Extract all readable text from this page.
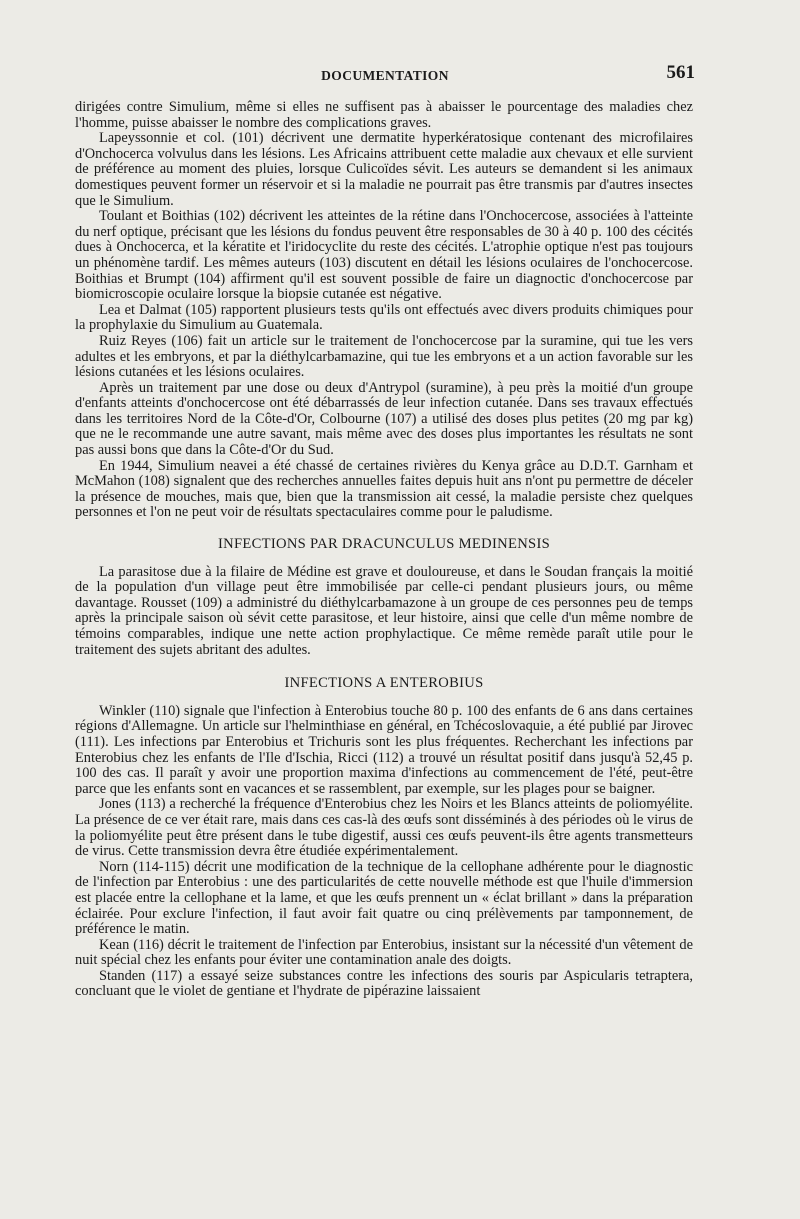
DOCUMENTATION	561

dirigées contre Simulium, même si elles ne suffisent pas à abaisser le pourcentage des maladies chez l'homme, puisse abaisser le nombre des complications graves.

Lapeyssonnie et col. (101) décrivent une dermatite hyperkératosique contenant des microfilaires d'Onchocerca volvulus dans les lésions. Les Africains attribuent cette maladie aux chevaux et elle survient de préférence au moment des pluies, lorsque Culicoïdes sévit. Les auteurs se demandent si les animaux domestiques peuvent former un réservoir et si la maladie ne pourrait pas être transmis par d'autres insectes que le Simulium.

Toulant et Boithias (102) décrivent les atteintes de la rétine dans l'Onchocercose, associées à l'atteinte du nerf optique, précisant que les lésions du fondus peuvent être responsables de 30 à 40 p. 100 des cécités dues à Onchocerca, et la kératite et l'iridocyclite du reste des cécités. L'atrophie optique n'est pas toujours un phénomène tardif. Les mêmes auteurs (103) discutent en détail les lésions oculaires de l'onchocercose. Boithias et Brumpt (104) affirment qu'il est souvent possible de faire un diagnoctic d'onchocercose par biomicroscopie oculaire lorsque la biopsie cutanée est négative.

Lea et Dalmat (105) rapportent plusieurs tests qu'ils ont effectués avec divers produits chimiques pour la prophylaxie du Simulium au Guatemala.

Ruiz Reyes (106) fait un article sur le traitement de l'onchocercose par la suramine, qui tue les vers adultes et les embryons, et par la diéthylcarbamazine, qui tue les embryons et a un action favorable sur les lésions cutanées et les lésions oculaires.

Après un traitement par une dose ou deux d'Antrypol (suramine), à peu près la moitié d'un groupe d'enfants atteints d'onchocercose ont été débarrassés de leur infection cutanée. Dans ses travaux effectués dans les territoires Nord de la Côte-d'Or, Colbourne (107) a utilisé des doses plus petites (20 mg par kg) que ne le recommande une autre savant, mais même avec des doses plus importantes les résultats ne sont pas aussi bons que dans la Côte-d'Or du Sud.

En 1944, Simulium neavei a été chassé de certaines rivières du Kenya grâce au D.D.T. Garnham et McMahon (108) signalent que des recherches annuelles faites depuis huit ans n'ont pu permettre de déceler la présence de mouches, mais que, bien que la transmission ait cessé, la maladie persiste chez quelques personnes et l'on ne peut voir de résultats spectaculaires comme pour le paludisme.

INFECTIONS PAR DRACUNCULUS MEDINENSIS

La parasitose due à la filaire de Médine est grave et douloureuse, et dans le Soudan français la moitié de la population d'un village peut être immobilisée par celle-ci pendant plusieurs jours, ou même davantage. Rousset (109) a administré du diéthylcarbamazone à un groupe de ces personnes peu de temps après la principale saison où sévit cette parasitose, et leur histoire, ainsi que celle d'un même nombre de témoins comparables, indique une nette action prophylactique. Ce même remède paraît utile pour le traitement des sujets abritant des adultes.

INFECTIONS A ENTEROBIUS

Winkler (110) signale que l'infection à Enterobius touche 80 p. 100 des enfants de 6 ans dans certaines régions d'Allemagne. Un article sur l'helminthiase en général, en Tchécoslovaquie, a été publié par Jirovec (111). Les infections par Enterobius et Trichuris sont les plus fréquentes. Recherchant les infections par Enterobius chez les enfants de l'Ile d'Ischia, Ricci (112) a trouvé un résultat positif dans jusqu'à 52,45 p. 100 des cas. Il paraît y avoir une proportion maxima d'infections au commencement de l'été, peut-être parce que les enfants sont en vacances et se rassemblent, par exemple, sur les plages pour se baigner.

Jones (113) a recherché la fréquence d'Enterobius chez les Noirs et les Blancs atteints de poliomyélite. La présence de ce ver était rare, mais dans ces cas-là des œufs sont disséminés à des périodes où le virus de la poliomyélite peut être présent dans le tube digestif, aussi ces œufs peuvent-ils être agents transmetteurs de virus. Cette transmission devra être étudiée expérimentalement.

Norn (114-115) décrit une modification de la technique de la cellophane adhérente pour le diagnostic de l'infection par Enterobius : une des particularités de cette nouvelle méthode est que l'huile d'immersion est placée entre la cellophane et la lame, et que les œufs prennent un « éclat brillant » dans la préparation éclairée. Pour exclure l'infection, il faut avoir fait quatre ou cinq prélèvements par tamponnement, de préférence le matin.

Kean (116) décrit le traitement de l'infection par Enterobius, insistant sur la nécessité d'un vêtement de nuit spécial chez les enfants pour éviter une contamination anale des doigts.

Standen (117) a essayé seize substances contre les infections des souris par Aspicularis tetraptera, concluant que le violet de gentiane et l'hydrate de pipérazine laissaient
